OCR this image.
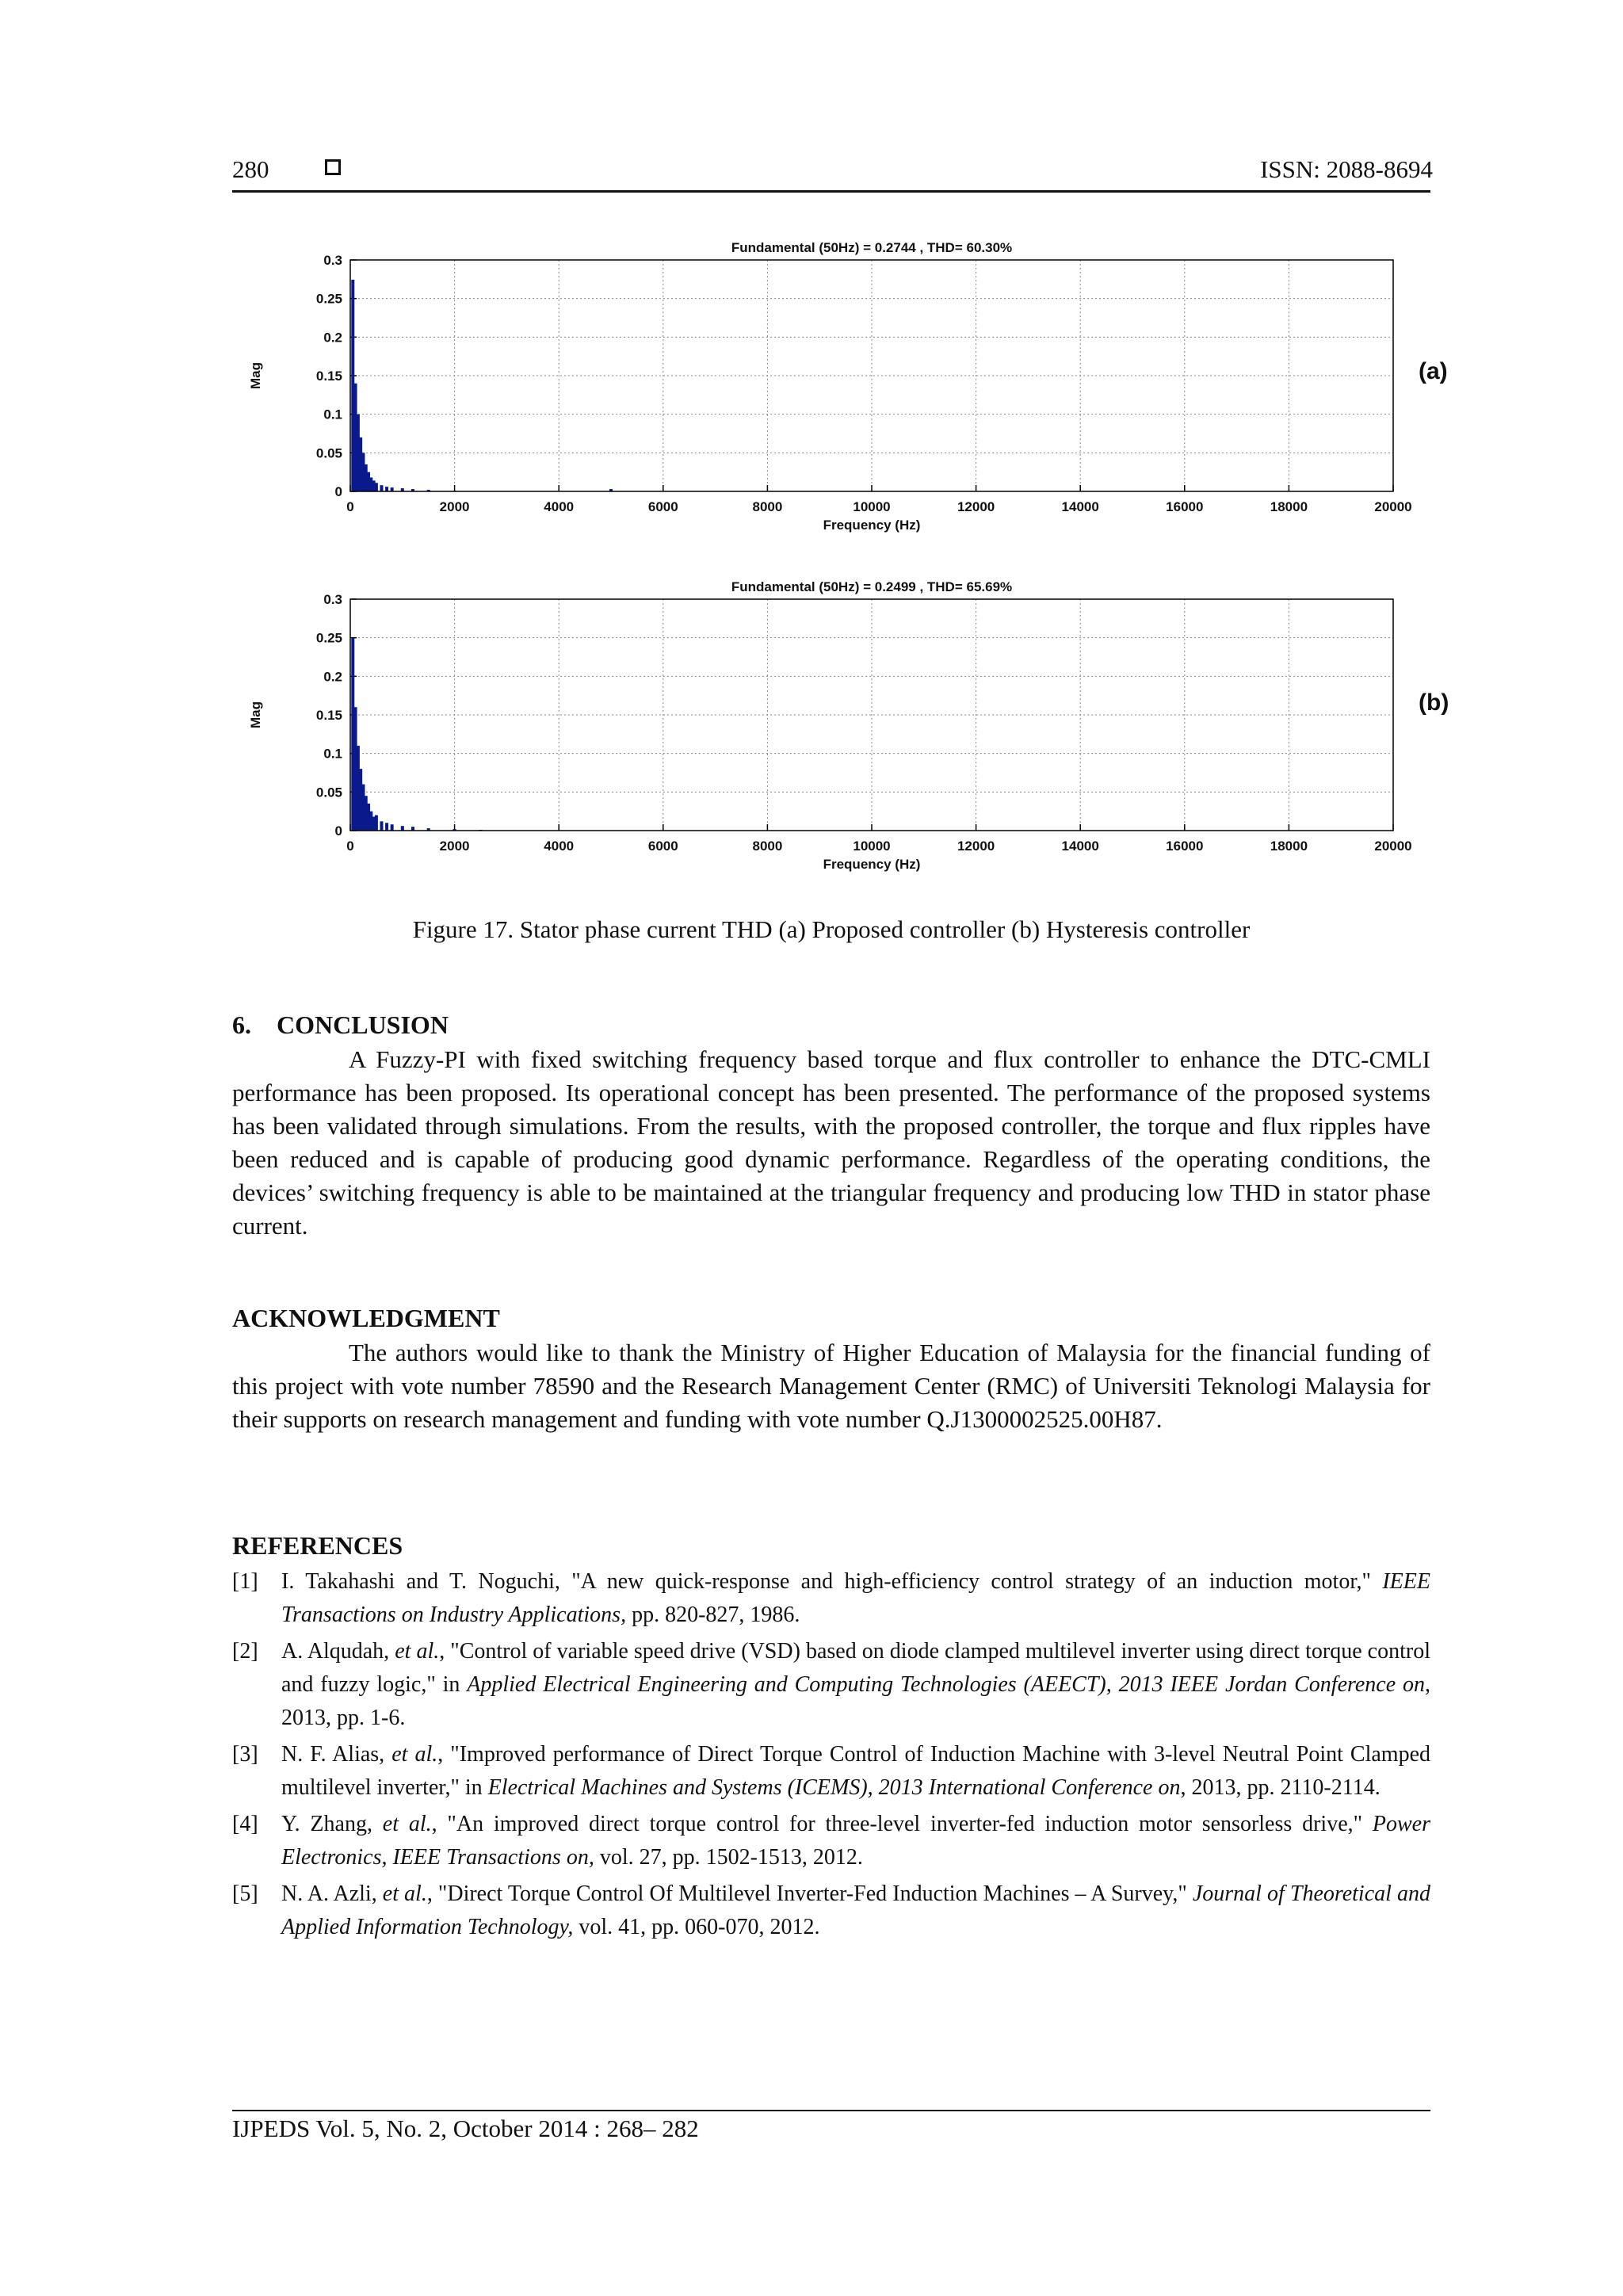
280	ISSN: 2088-8694
0	2000	4000	6000	8000	10000	12000	14000	16000	18000	20000
0
0.05
0.1
0.15
0.2
0.25
0.3
Fundamental (50Hz) = 0.2744 , THD= 60.30%
Frequency (Hz)
Mag	(a)
0	2000	4000	6000	8000	10000	12000	14000	16000	18000	20000
0
0.05
0.1
0.15
0.2
0.25
0.3
Fundamental (50Hz) = 0.2499 , THD= 65.69%
Frequency (Hz)
Mag	(b)
Figure 17. Stator phase current THD (a) Proposed controller (b) Hysteresis controller
6.    CONCLUSION

A Fuzzy-PI with fixed switching frequency based torque and flux controller to enhance the DTC-CMLI performance has been proposed. Its operational concept has been presented. The performance of the proposed systems has been validated through simulations. From the results, with the proposed controller, the torque and flux ripples have been reduced and is capable of producing good dynamic performance. Regardless of the operating conditions, the devices’ switching frequency is able to be maintained at the triangular frequency and producing low THD in stator phase current.

ACKNOWLEDGMENT

The authors would like to thank the Ministry of Higher Education of Malaysia for the financial funding of this project with vote number 78590 and the Research Management Center (RMC) of Universiti Teknologi Malaysia for their supports on research management and funding with vote number Q.J1300002525.00H87.

REFERENCES
[1] I. Takahashi and T. Noguchi, "A new quick-response and high-efficiency control strategy of an induction motor," IEEE Transactions on Industry Applications, pp. 820-827, 1986.
[2] A. Alqudah, et al., "Control of variable speed drive (VSD) based on diode clamped multilevel inverter using direct torque control and fuzzy logic," in Applied Electrical Engineering and Computing Technologies (AEECT), 2013 IEEE Jordan Conference on, 2013, pp. 1-6.
[3] N. F. Alias, et al., "Improved performance of Direct Torque Control of Induction Machine with 3-level Neutral Point Clamped multilevel inverter," in Electrical Machines and Systems (ICEMS), 2013 International Conference on, 2013, pp. 2110-2114.
[4] Y. Zhang, et al., "An improved direct torque control for three-level inverter-fed induction motor sensorless drive," Power Electronics, IEEE Transactions on, vol. 27, pp. 1502-1513, 2012.
[5] N. A. Azli, et al., "Direct Torque Control Of Multilevel Inverter-Fed Induction Machines – A Survey," Journal of Theoretical and Applied Information Technology, vol. 41, pp. 060-070, 2012.
IJPEDS Vol. 5, No. 2, October 2014 : 268– 282
